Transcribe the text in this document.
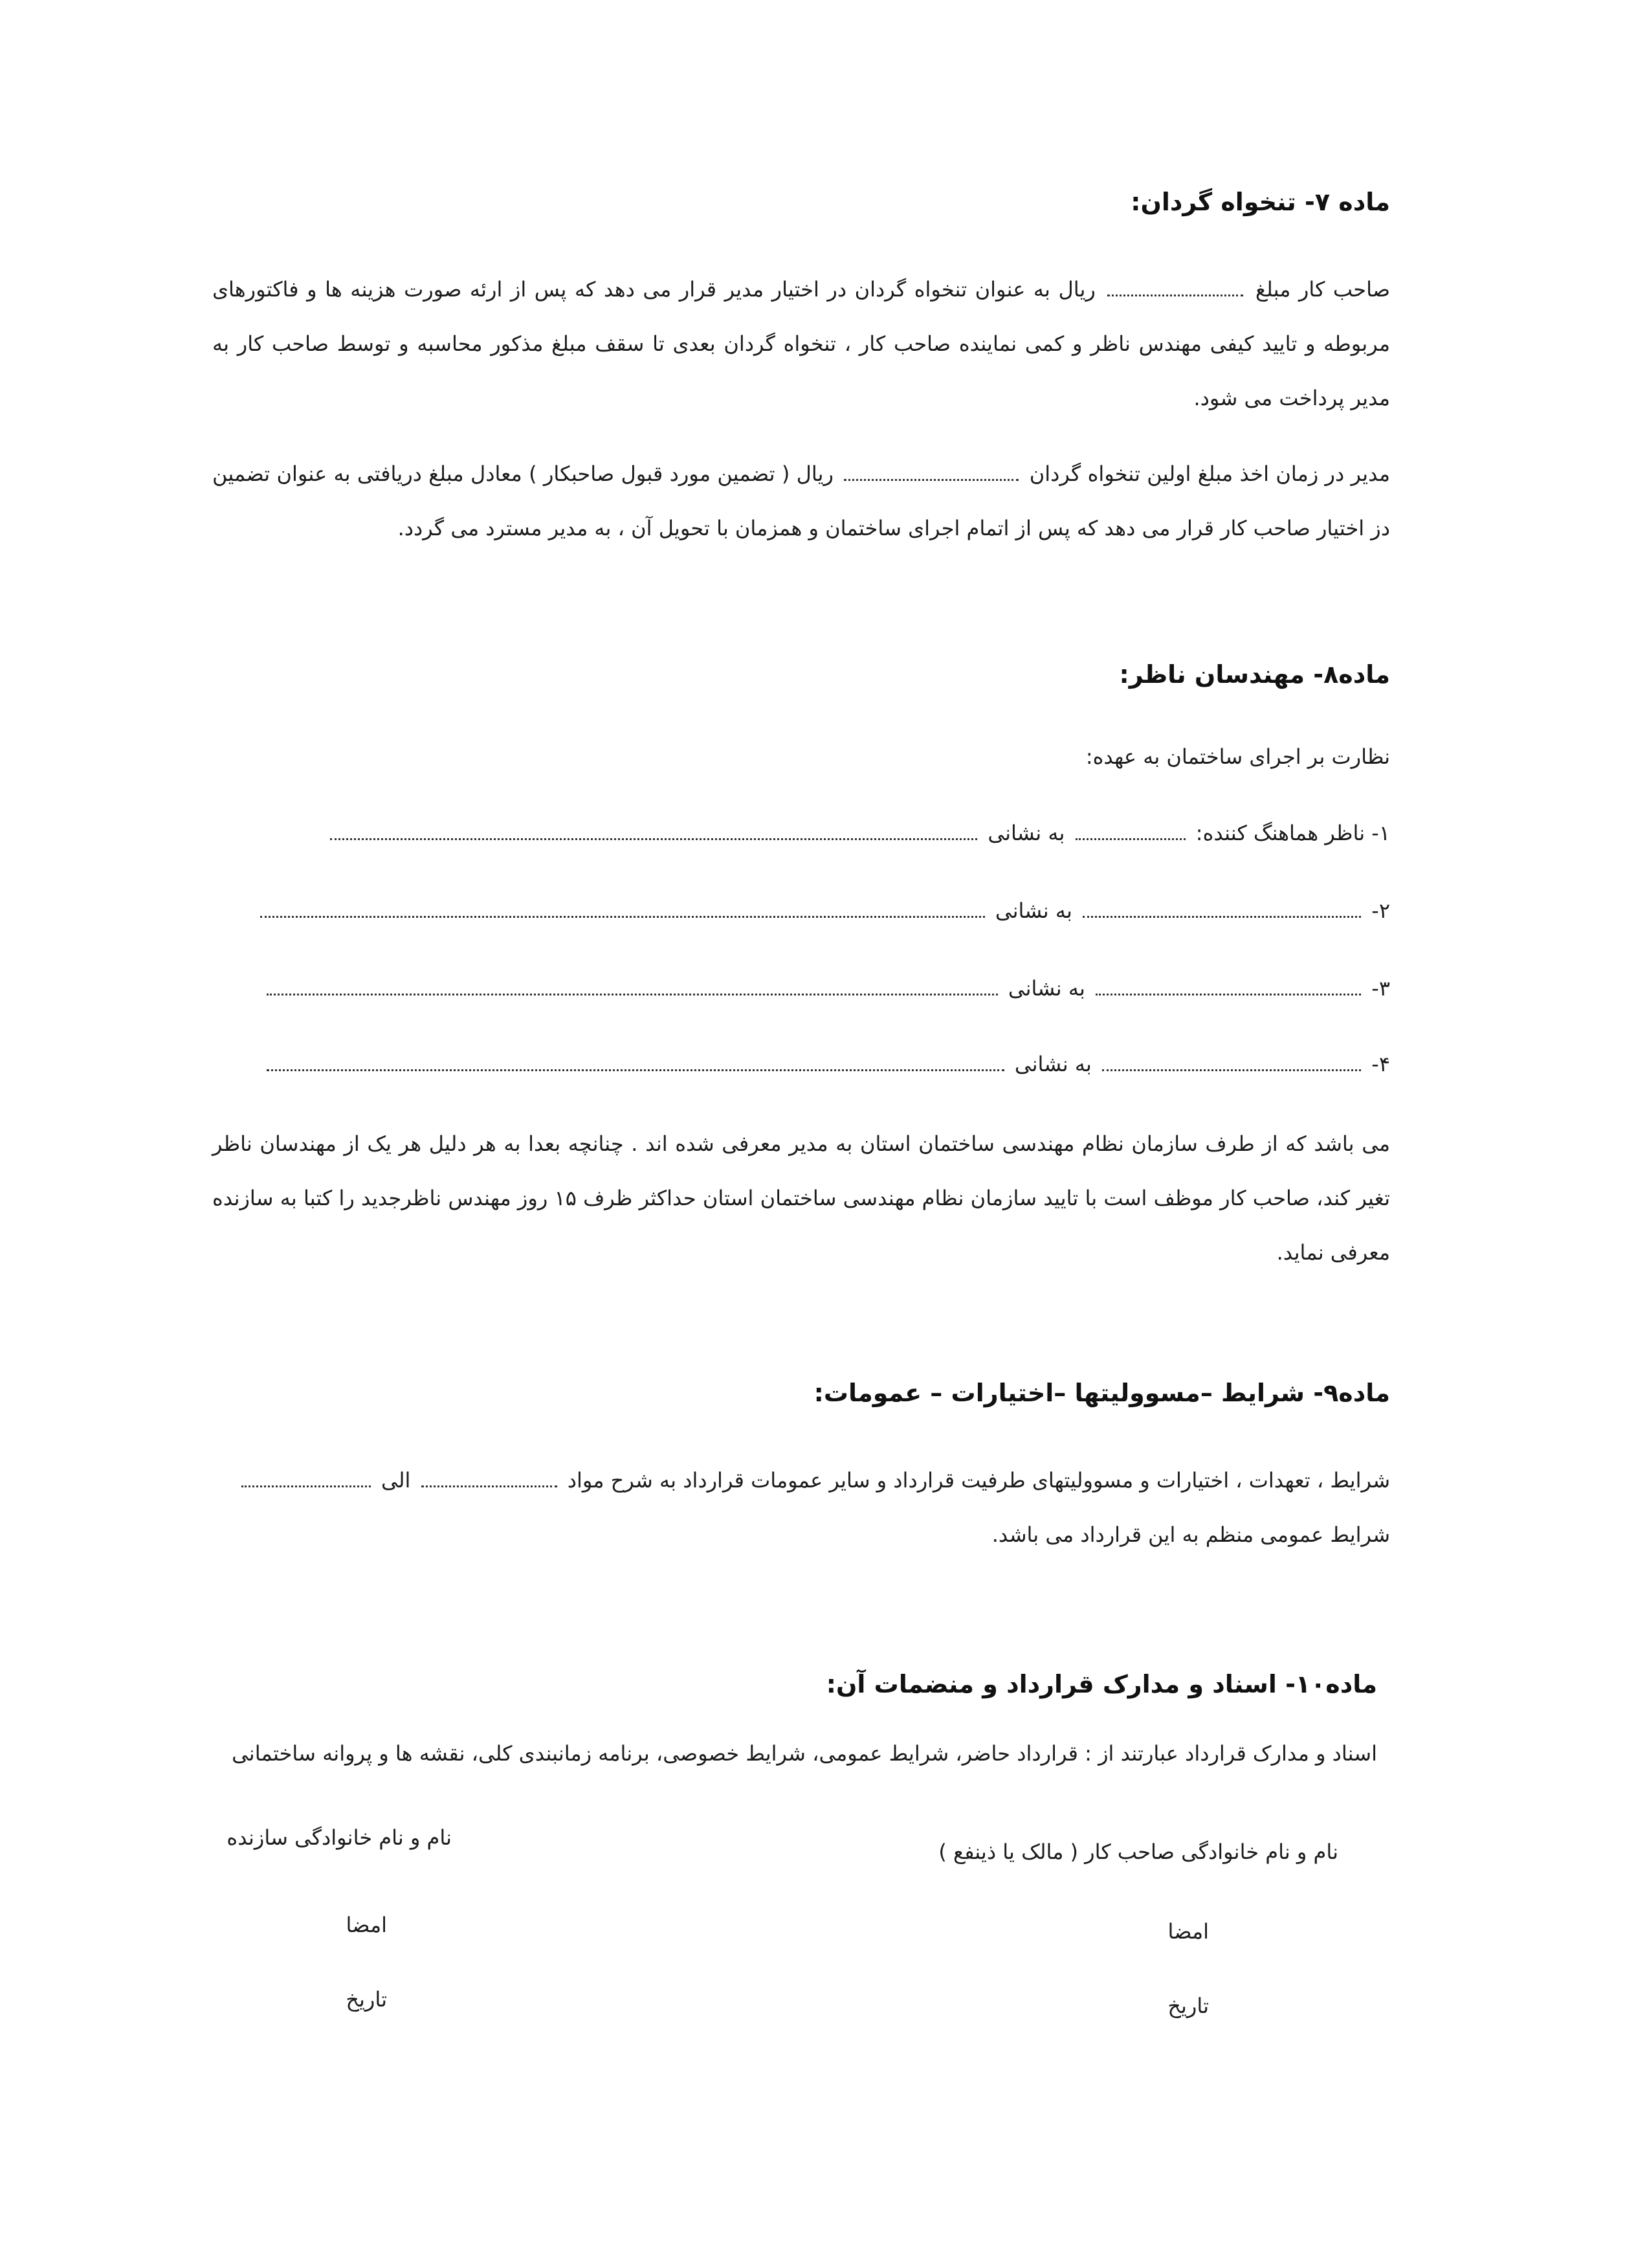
ماده ۷- تنخواه گردان:
صاحب کار مبلغ  ریال به عنوان تنخواه گردان در اختیار مدیر قرار می دهد که پس از ارئه صورت هزینه ها و فاکتورهای مربوطه و تایید کیفی مهندس ناظر و کمی نماینده صاحب کار ، تنخواه گردان بعدی تا سقف مبلغ مذکور محاسبه و توسط صاحب کار به مدیر پرداخت می شود.
مدیر در زمان اخذ مبلغ اولین تنخواه گردان  ریال ( تضمین مورد قبول صاحبکار ) معادل مبلغ دریافتی به عنوان تضمین دز اختیار صاحب کار قرار می دهد که پس از اتمام اجرای ساختمان و همزمان با تحویل آن ، به مدیر مسترد می گردد.
ماده۸- مهندسان ناظر:
نظارت بر اجرای ساختمان به عهده:
۱- ناظر هماهنگ کننده:  به نشانی
۲-  به نشانی
۳-  به نشانی
۴-  به نشانی
می باشد که از طرف سازمان نظام مهندسی ساختمان استان به مدیر معرفی شده اند . چنانچه بعدا به هر دلیل هر یک از مهندسان ناظر تغیر کند، صاحب کار موظف است با تایید سازمان نظام مهندسی ساختمان استان حداکثر ظرف ۱۵ روز مهندس ناظرجدید را کتبا به سازنده معرفی نماید.
ماده۹- شرایط –مسوولیتها –اختیارات – عمومات:
شرایط ، تعهدات ، اختیارات و مسوولیتهای طرفیت قرارداد و سایر عمومات قرارداد به شرح مواد  الی
شرایط عمومی منظم به این قرارداد می باشد.
ماده۱۰- اسناد و مدارک قرارداد و منضمات آن:
اسناد و مدارک قرارداد عبارتند از : قرارداد حاضر، شرایط عمومی، شرایط خصوصی، برنامه زمانبندی کلی، نقشه ها و پروانه ساختمانی
نام و نام خانوادگی صاحب کار ( مالک یا ذینفع )
نام و نام خانوادگی سازنده
امضا
امضا
تاریخ
تاریخ
